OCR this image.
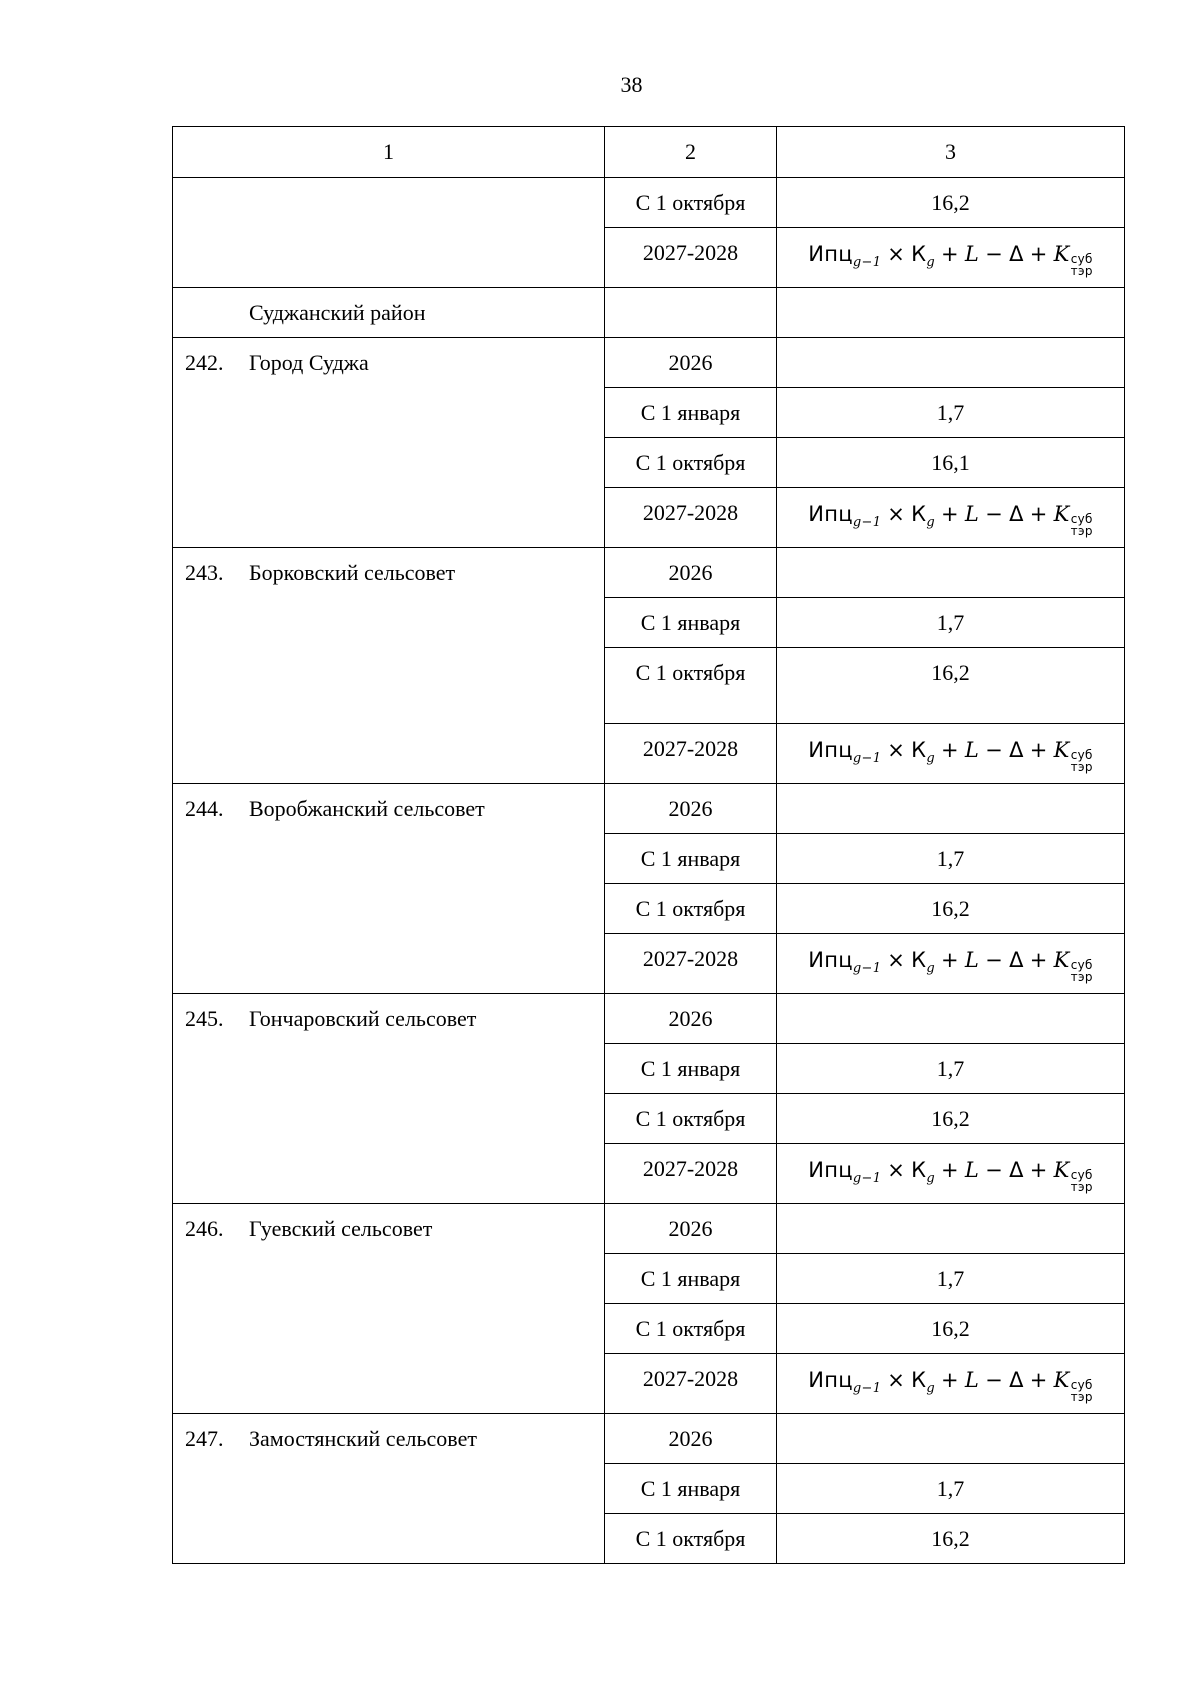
38
1	2	3

	С 1 октября	16,2

	2027-2028	$Ипц_{g-1} \times К_g + L - \Delta + K$ суб
тэр

Суджанский район		
242. Город Суджа	2026	

	С 1 января	1,7

	С 1 октября	16,1

	2027-2028	$Ипц_{g-1} \times К_g + L - \Delta + K$ суб
тэр

243. Борковский сельсовет	2026	

	С 1 января	1,7

	С 1 октября	16,2

	2027-2028	$Ипц_{g-1} \times К_g + L - \Delta + K$ суб
тэр

244. Воробжанский сельсовет	2026	

	С 1 января	1,7

	С 1 октября	16,2

	2027-2028	$Ипц_{g-1} \times К_g + L - \Delta + K$ суб
тэр

245. Гончаровский сельсовет	2026	

	С 1 января	1,7

	С 1 октября	16,2

	2027-2028	$Ипц_{g-1} \times К_g + L - \Delta + K$ суб
тэр

246. Гуевский сельсовет	2026	

	С 1 января	1,7

	С 1 октября	16,2

	2027-2028	$Ипц_{g-1} \times К_g + L - \Delta + K$ суб
тэр

247. Замостянский сельсовет	2026	

	С 1 января	1,7

	С 1 октября	16,2
